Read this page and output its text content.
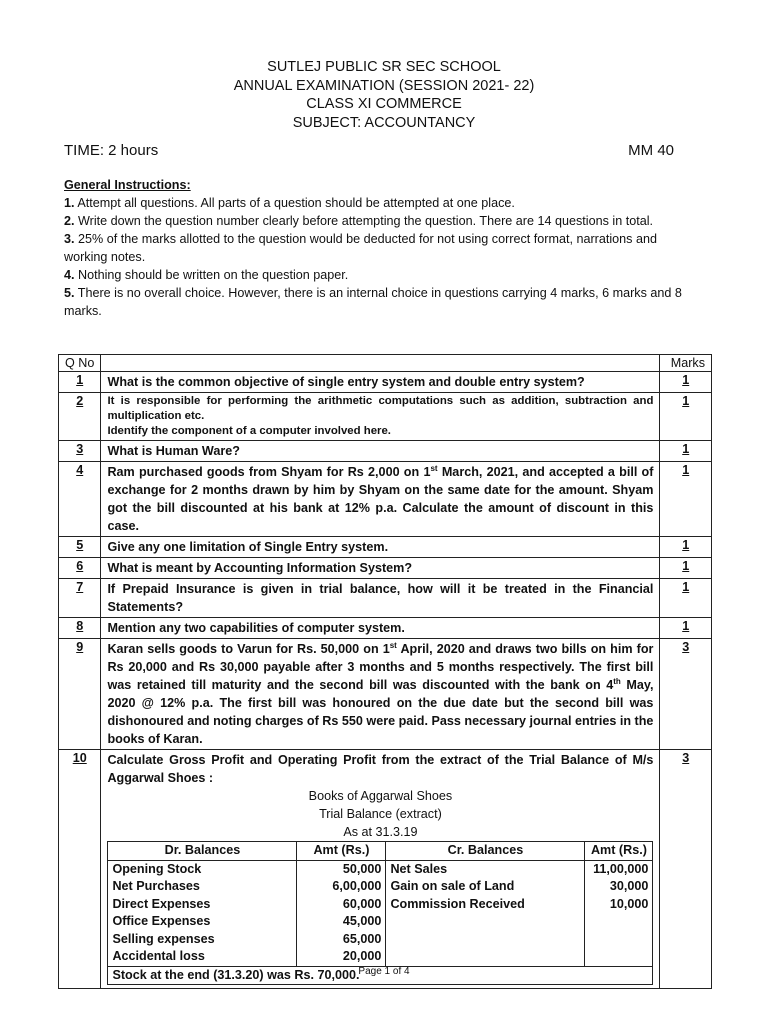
SUTLEJ PUBLIC SR SEC SCHOOL
ANNUAL EXAMINATION (SESSION 2021- 22)
CLASS XI COMMERCE
SUBJECT: ACCOUNTANCY
TIME: 2 hours	MM 40
General Instructions:
1. Attempt all questions. All parts of a question should be attempted at one place.
2. Write down the question number clearly before attempting the question. There are 14 questions in total.
3. 25% of the marks allotted to the question would be deducted for not using correct format, narrations and working notes.
4. Nothing should be written on the question paper.
5. There is no overall choice. However, there is an internal choice in questions carrying 4 marks, 6 marks and 8 marks.
Q No		Marks
1	What is the common objective of single entry system and double entry system?	1
2	It is responsible for performing the arithmetic computations such as addition, subtraction and multiplication etc.
Identify the component of a computer involved here.
	1
3	What is Human Ware?	1
4	Ram purchased goods from Shyam for Rs 2,000 on 1st March, 2021, and accepted a bill of exchange for 2 months drawn by him by Shyam on the same date for the amount. Shyam got the bill discounted at his bank at 12% p.a. Calculate the amount of discount in this case.	1
5	Give any one limitation of Single Entry system.	1
6	What is meant by Accounting Information System?	1
7	If Prepaid Insurance is given in trial balance, how will it be treated in the Financial Statements?	1
8	Mention any two capabilities of computer system.	1
9	Karan sells goods to Varun for Rs. 50,000 on 1st April, 2020 and draws two bills on him for Rs 20,000 and Rs 30,000 payable after 3 months and 5 months respectively. The first bill was retained till maturity and the second bill was discounted with the bank on 4th May, 2020 @ 12% p.a. The first bill was honoured on the due date but the second bill was dishonoured and noting charges of Rs 550 were paid. Pass necessary journal entries in the books of Karan.	3
10	Calculate Gross Profit and Operating Profit from the extract of the Trial Balance of M/s Aggarwal Shoes :
Books of Aggarwal Shoes
Trial Balance (extract)
As at 31.3.19
Dr. Balances	Amt (Rs.)	Cr. Balances	Amt (Rs.)
Opening Stock	50,000	Net Sales	11,00,000
Net Purchases	6,00,000	Gain on sale of Land	30,000
Direct Expenses	60,000	Commission Received	10,000
Office Expenses	45,000		
Selling expenses	65,000		
Accidental loss	20,000		
Stock at the end (31.3.20) was Rs. 70,000.
	3
Page 1 of 4
